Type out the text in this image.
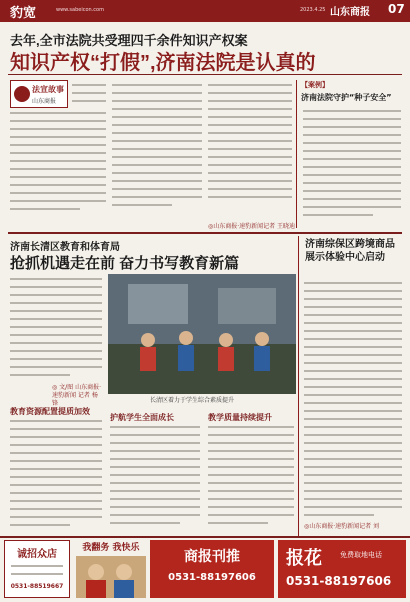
豹宽	www.sabeicon.com	2023.4.25 山东商报 07
去年,全市法院共受理四千余件知识产权案
知识产权“打假”,济南法院是认真的
法宣故事
山东商报
◎山东商报·速豹新闻记者 王晓迪
【案例】
济南法院守护“种子安全”
济南长清区教育和体育局
抢抓机遇走在前 奋力书写教育新篇
◎ 文/图 山东商报·速豹新闻 记者 杨锋	长清区着力于学生综合素质提升
教育资源配置提质加效
护航学生全面成长	教学质量持续提升
济南综保区跨境商品展示体验中心启动
◎山东商报·速豹新闻记者 刘
诚招众店
0531-88519667
我翻务 我快乐
商报刊推
0531-88197606
报花	免费取地电话
0531-88197606
